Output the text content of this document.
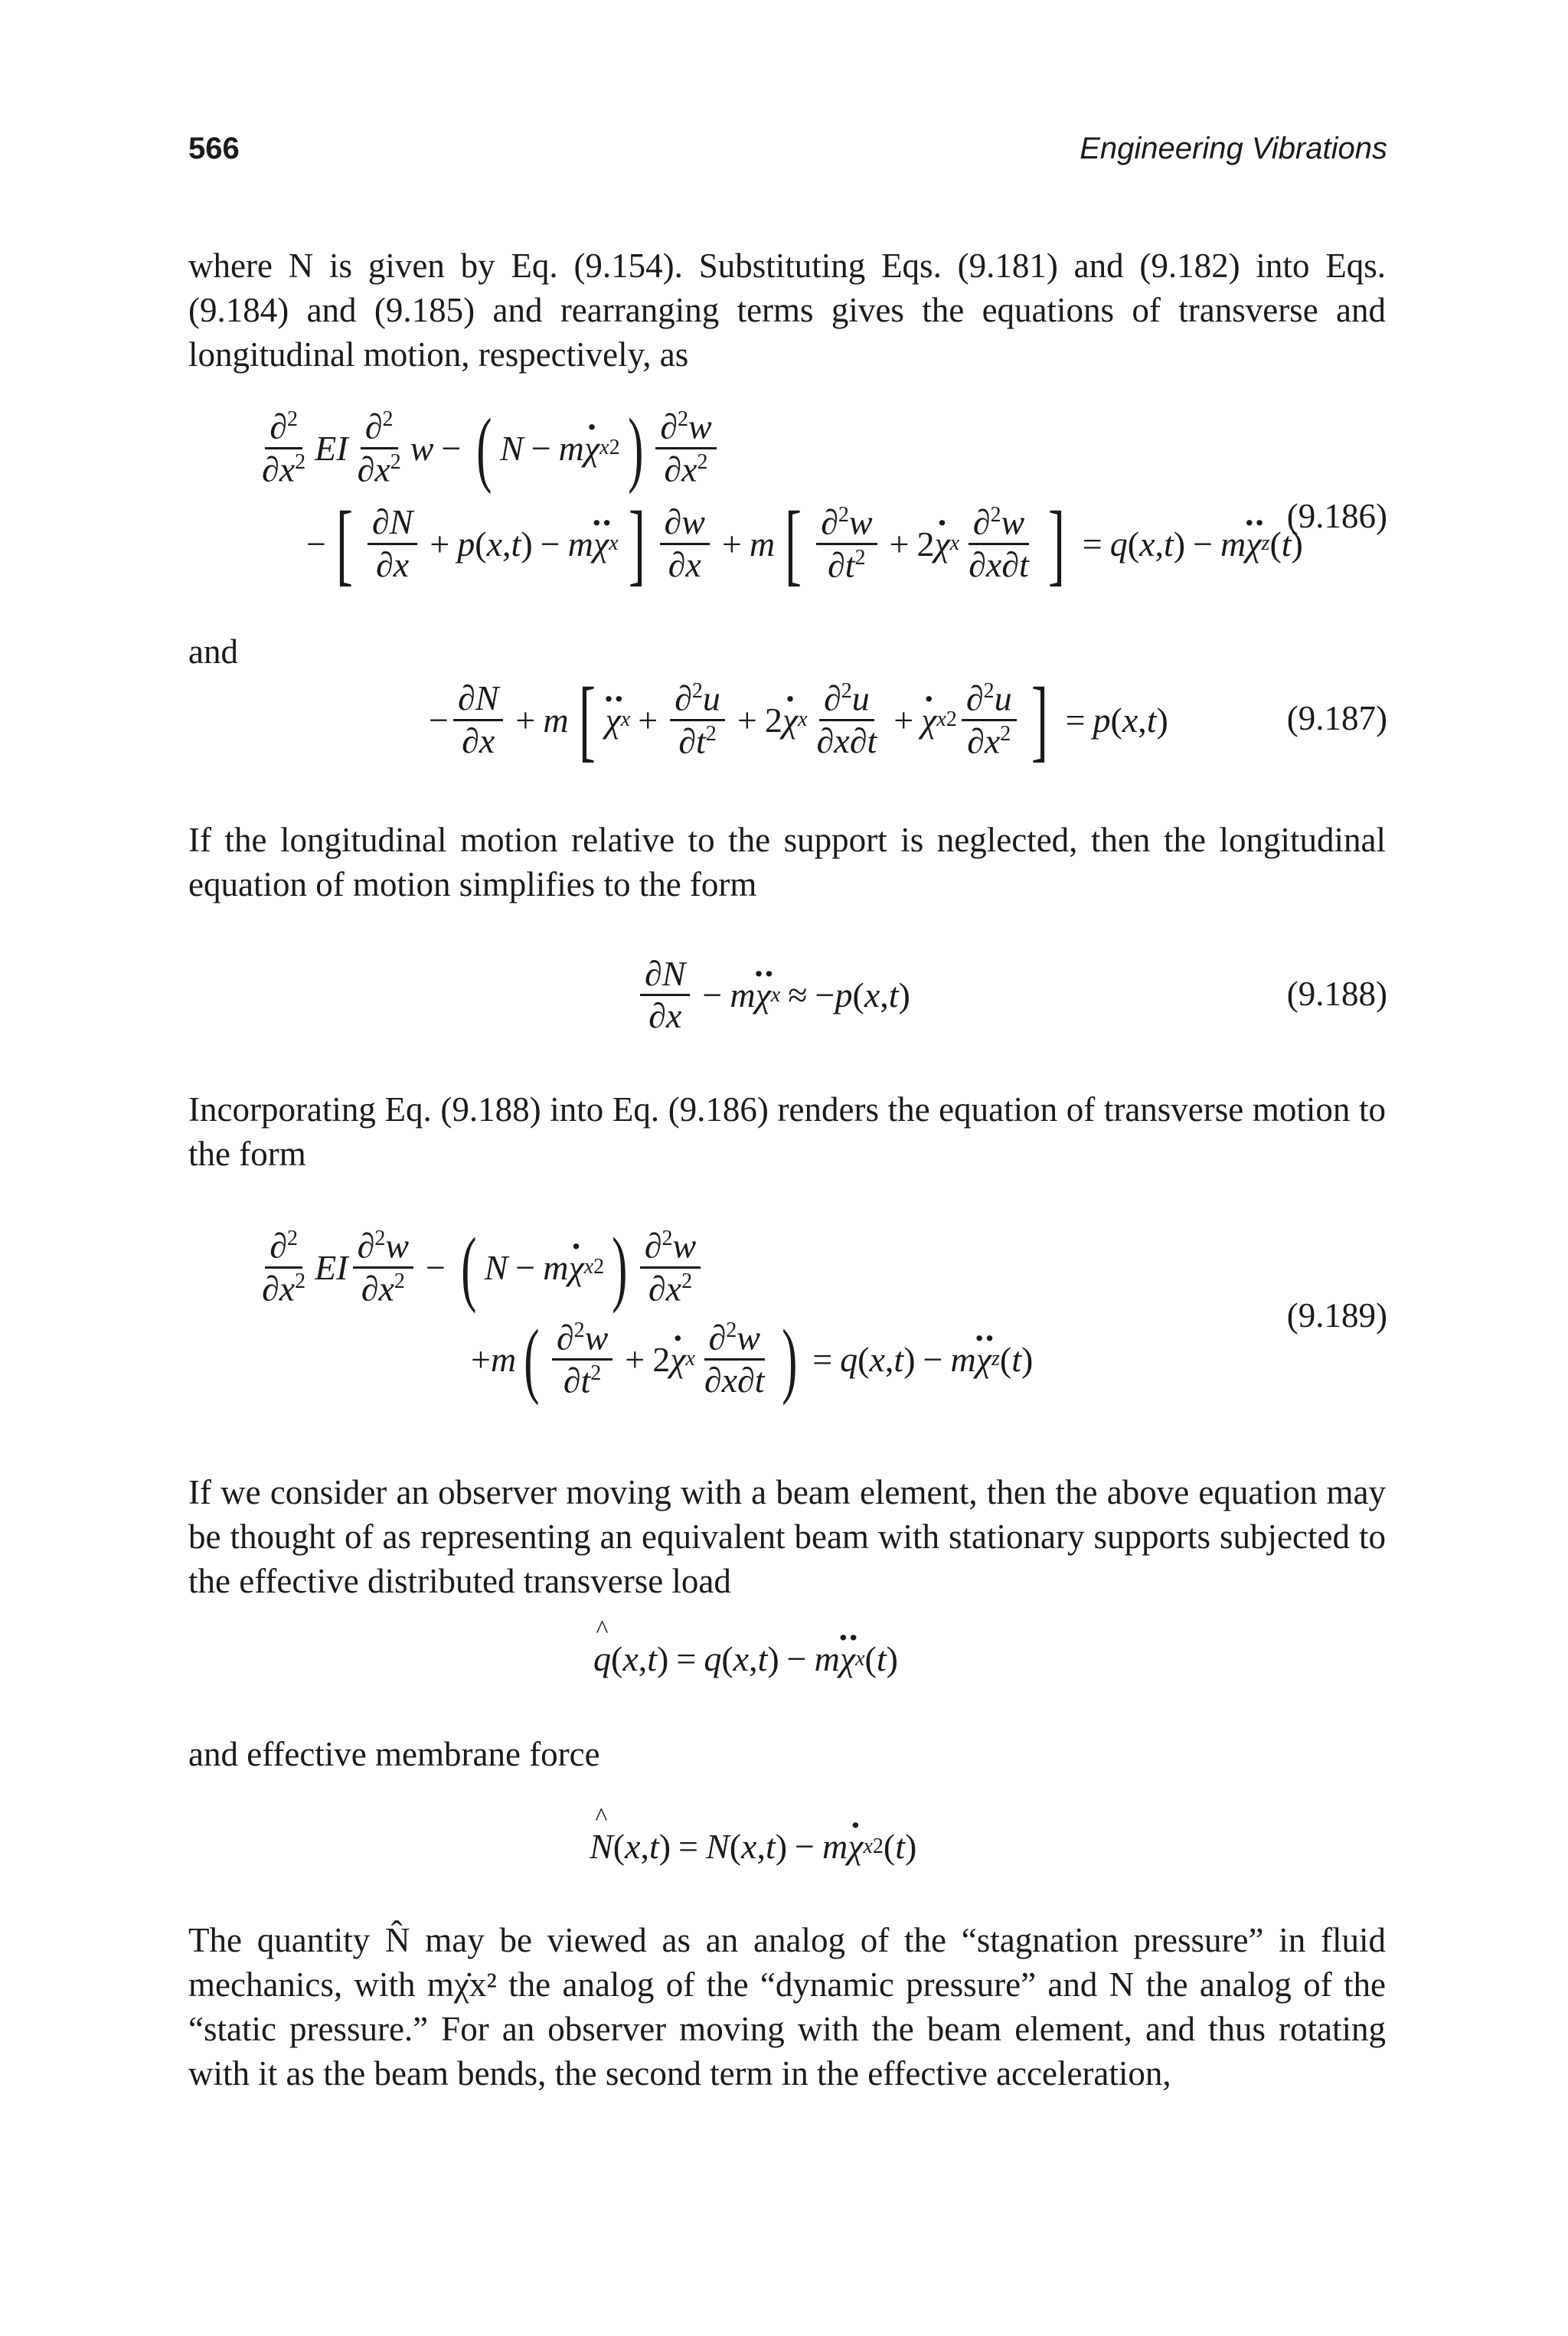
566	Engineering Vibrations

where N is given by Eq. (9.154). Substituting Eqs. (9.181) and (9.182) into Eqs. (9.184) and (9.185) and rearranging terms gives the equations of transverse and longitudinal motion, respectively, as

$\frac{\partial^2}{\partial x^2}$ EI $\frac{\partial^2}{\partial x^2}$ w − ( N − m
· χ x 2 ) $\frac{\partial^2w}{\partial x^2}$
− [ $\frac{\partial N}{\partial x} + p$ ( x , t ) − m
·· χ x ] $\frac{\partial w}{\partial x} + m$ [ $\frac{\partial^2w}{\partial t^2} + 2$
· χ x $\frac{\partial^2w}{\partial x\partial t}$ ] = q ( x , t ) − m
·· χ z ( t )
(9.186)
and
− $\frac{\partial N}{\partial x} + m$ [
·· χ $x + \frac{\partial^2u}{\partial t^2} + 2$
· χ x $\frac{\partial^2u}{\partial x\partial t}$ +
· χ x $2 \frac{\partial^2u}{\partial x^2}$ ] = p ( x , t )	(9.187)

If the longitudinal motion relative to the support is neglected, then the longitudinal equation of motion simplifies to the form

$\frac{\partial N}{\partial x} - m$
·· χ x ≈ − p ( x , t )	(9.188)

Incorporating Eq. (9.188) into Eq. (9.186) renders the equation of transverse motion to the form

$\frac{\partial^2}{\partial x^2}$ EI $\frac{\partial^2w}{\partial x^2}$ − ( N − m
· χ x 2 ) $\frac{\partial^2w}{\partial x^2}$
+ m ( $\frac{\partial^2w}{\partial t^2} + 2$
· χ x $\frac{\partial^2w}{\partial x\partial t}$ ) = q ( x , t ) − m
·· χ z ( t )
(9.189)

If we consider an observer moving with a beam element, then the above equation may be thought of as representing an equivalent beam with stationary supports subjected to the effective distributed transverse load

^ q ( x , t ) = q ( x , t ) − m
·· χ x ( t )

and effective membrane force

^ N ( x , t ) = N ( x , t ) − m
· χ x 2 ( t )

The quantity N̂ may be viewed as an analog of the “stagnation pressure” in fluid mechanics, with mχ̇x² the analog of the “dynamic pressure” and N the analog of the “static pressure.” For an observer moving with the beam element, and thus rotating with it as the beam bends, the second term in the effective acceleration,
